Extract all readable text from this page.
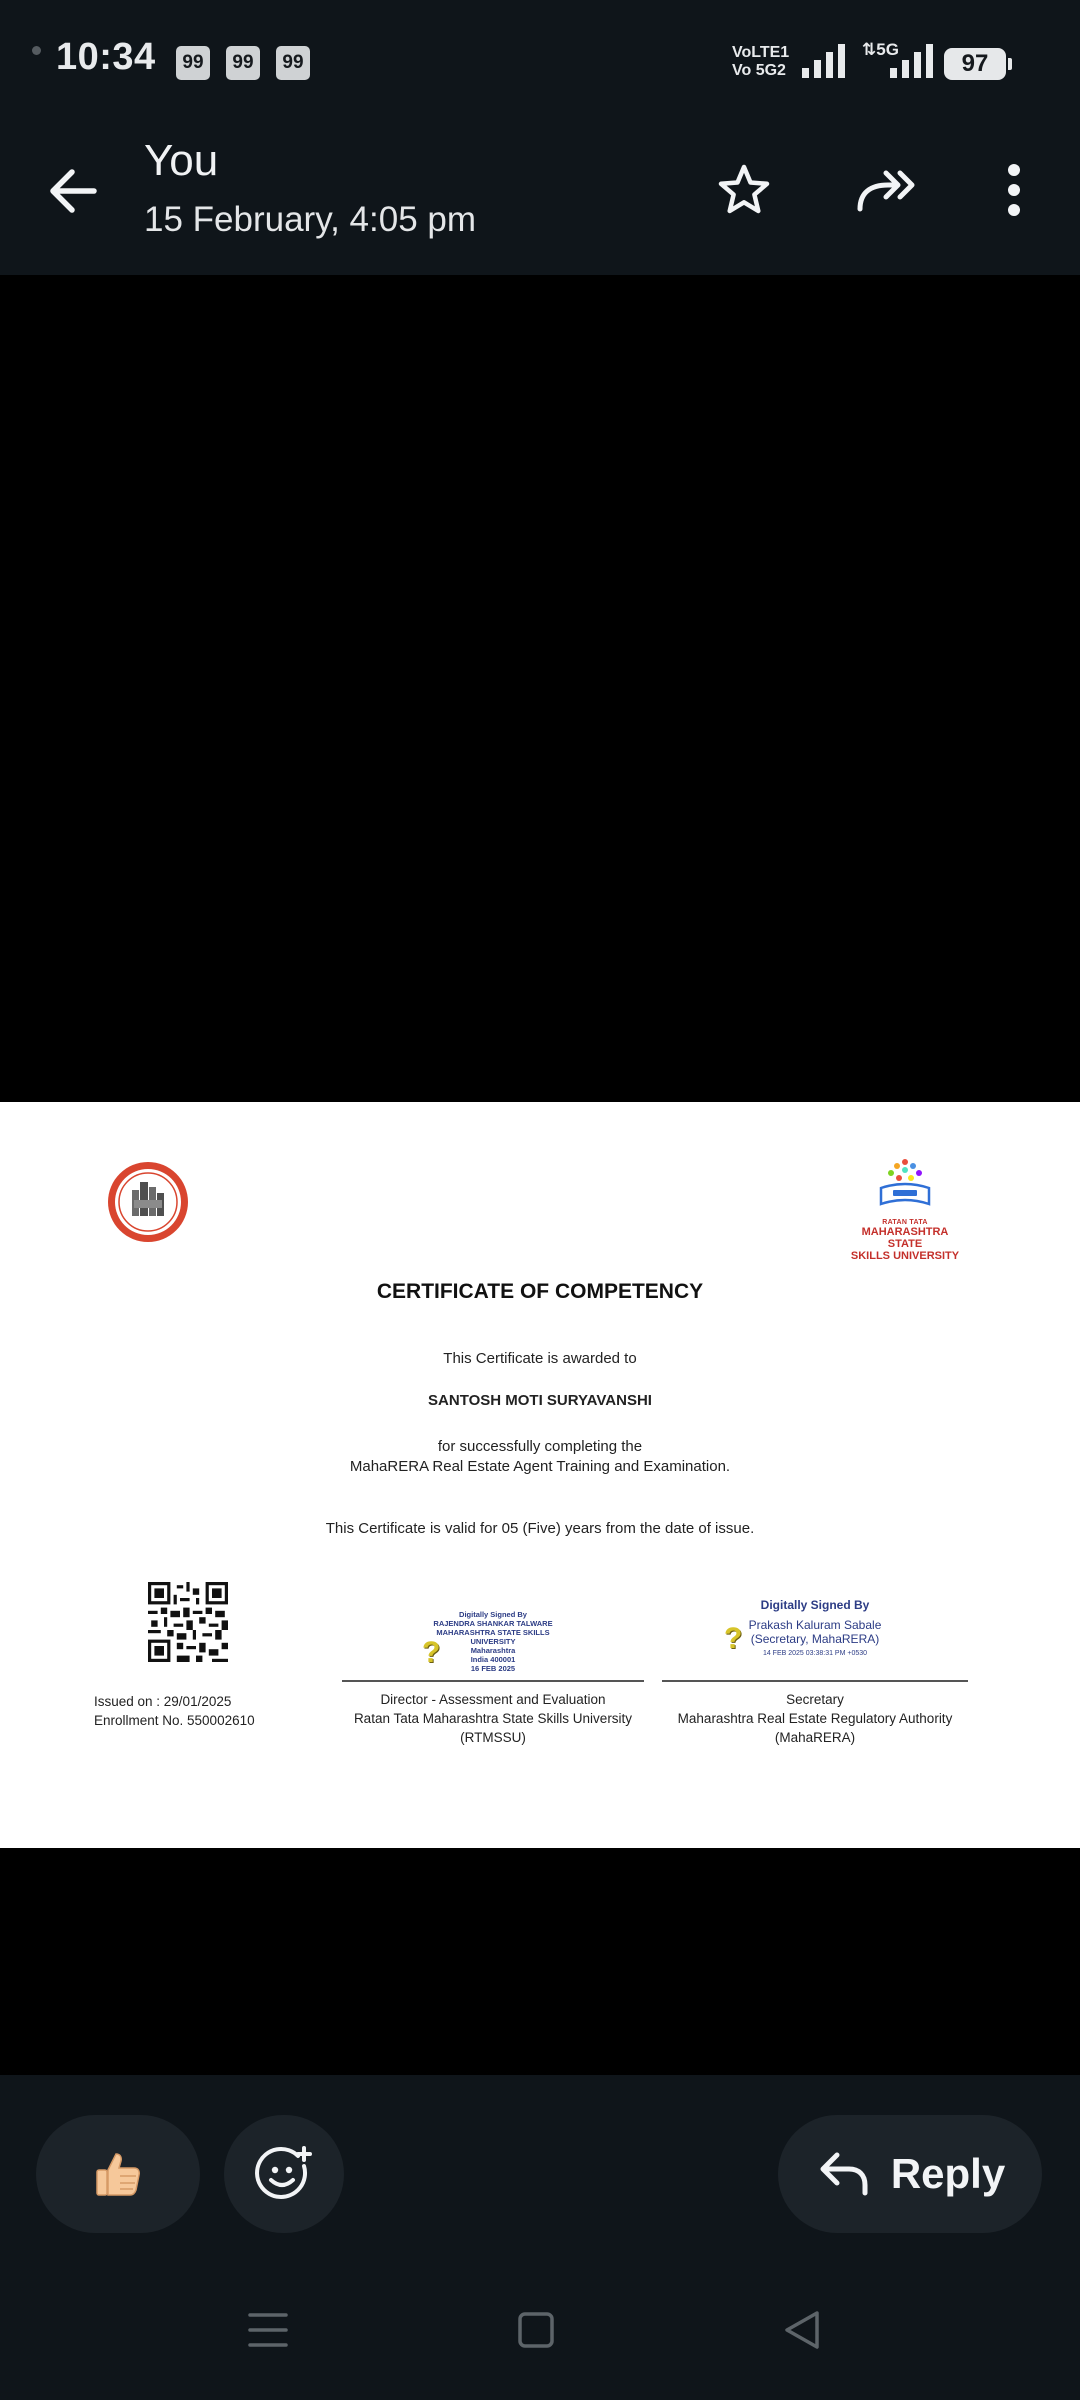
10:34	99	99	99	VoLTE1
Vo 5G2
⇅5G
97
You
15 February, 4:05 pm
RATAN TATA
MAHARASHTRA STATE
SKILLS UNIVERSITY
CERTIFICATE OF COMPETENCY
This Certificate is awarded to
SANTOSH MOTI SURYAVANSHI
for successfully completing the
MahaRERA Real Estate Agent Training and Examination.
This Certificate is valid for 05 (Five) years from the date of issue.
Issued on : 29/01/2025
Enrollment No. 550002610
Digitally Signed By
RAJENDRA SHANKAR TALWARE
MAHARASHTRA STATE SKILLS
UNIVERSITY
Maharashtra
India 400001
16 FEB 2025
?
Digitally Signed By
Prakash Kaluram Sabale
(Secretary, MahaRERA)
14 FEB 2025 03:38:31 PM +0530
?
Director - Assessment and Evaluation
Ratan Tata Maharashtra State Skills University
(RTMSSU)
Secretary
Maharashtra Real Estate Regulatory Authority
(MahaRERA)
Reply
